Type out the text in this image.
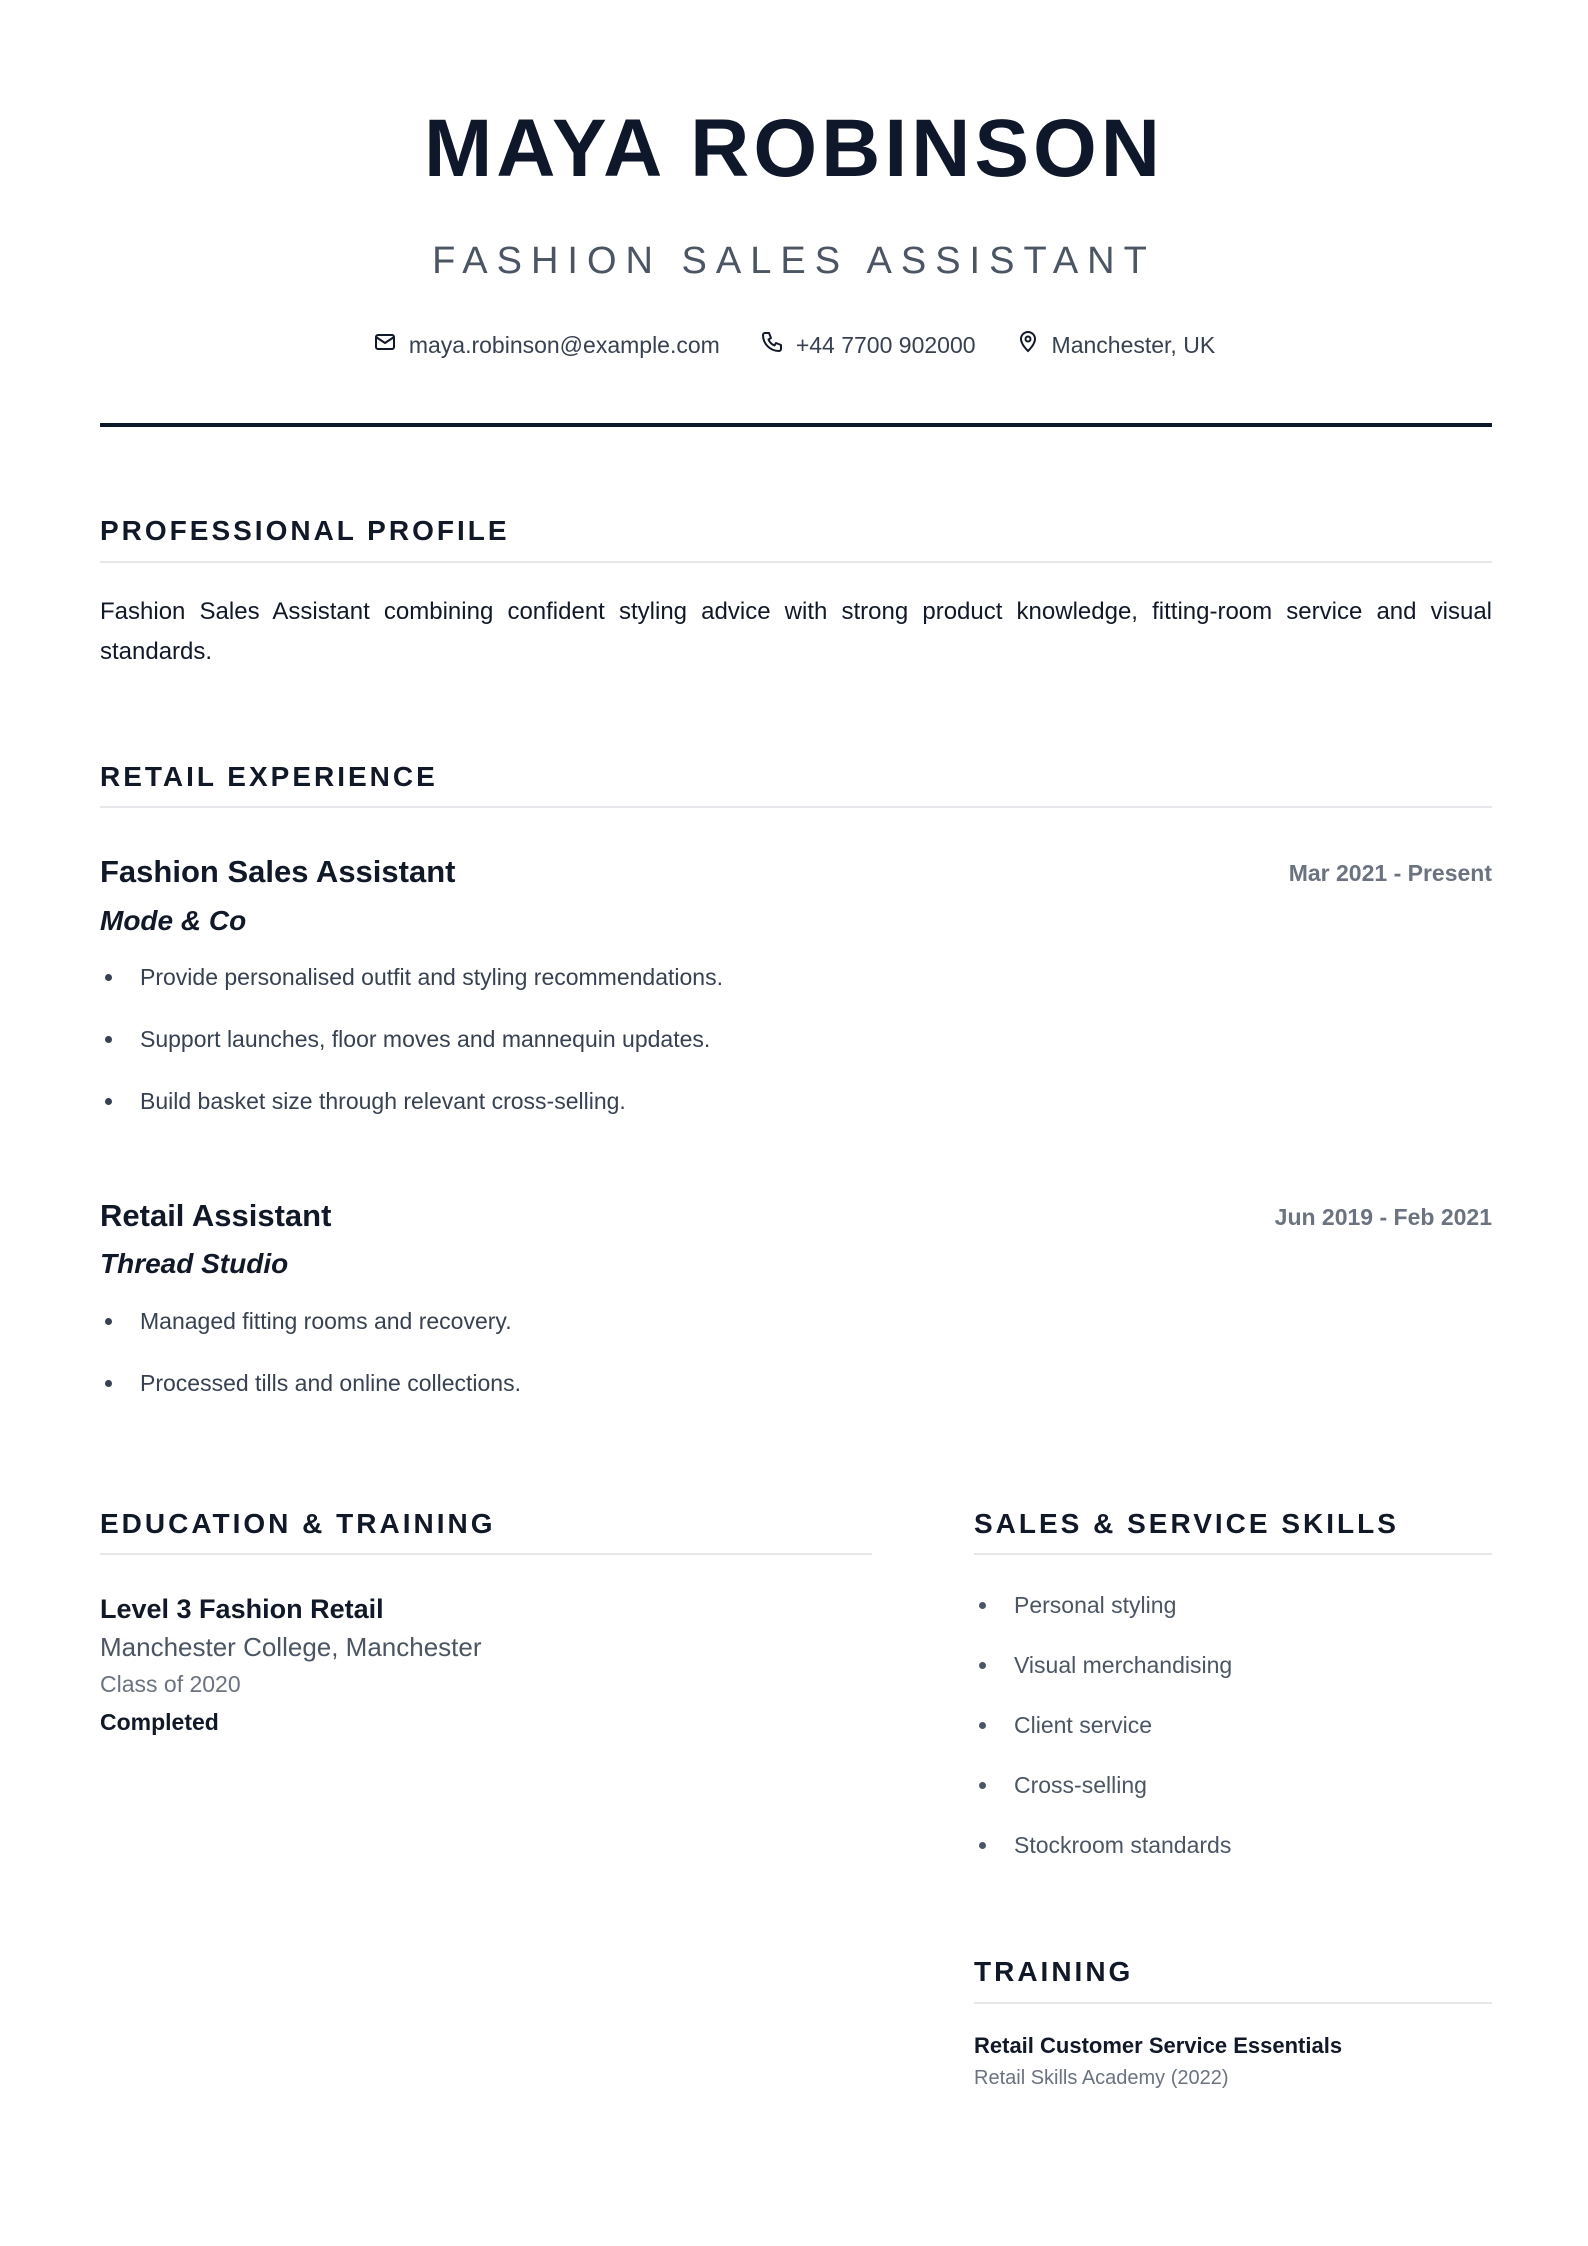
MAYA ROBINSON
FASHION SALES ASSISTANT
maya.robinson@example.com	+44 7700 902000	Manchester, UK
PROFESSIONAL PROFILE

Fashion Sales Assistant combining confident styling advice with strong product knowledge, fitting-room service and visual standards.

RETAIL EXPERIENCE
Fashion Sales Assistant	Mar 2021 - Present
Mode & Co
Provide personalised outfit and styling recommendations.
Support launches, floor moves and mannequin updates.
Build basket size through relevant cross-selling.
Retail Assistant	Jun 2019 - Feb 2021
Thread Studio
Managed fitting rooms and recovery.
Processed tills and online collections.
EDUCATION & TRAINING
Level 3 Fashion Retail
Manchester College, Manchester
Class of 2020
Completed
SALES & SERVICE SKILLS
Personal styling
Visual merchandising
Client service
Cross-selling
Stockroom standards
TRAINING
Retail Customer Service Essentials
Retail Skills Academy (2022)
